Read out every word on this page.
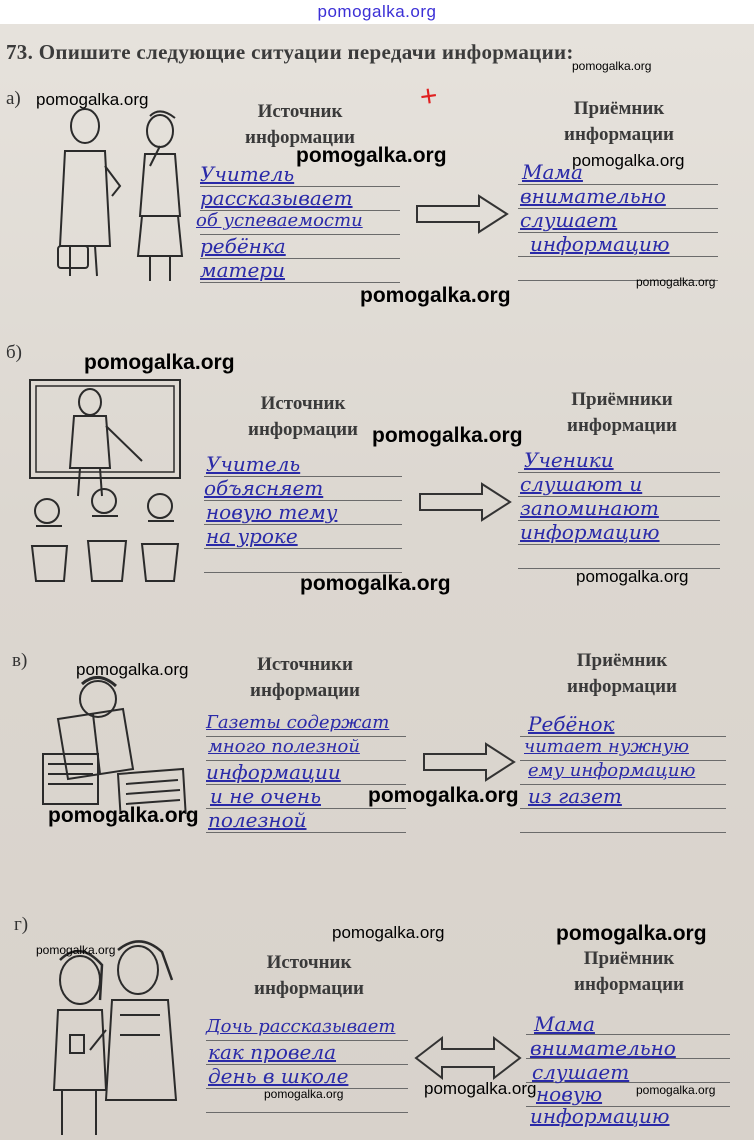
pomogalka.org
73. Опишите следующие ситуации передачи информации:
а)
Источник информации
Приёмник информации
+
Учитель
рассказывает
об успеваемости
ребёнка
матери
Мама
внимательно
слушает
информацию
б)
Источник информации
Приёмники информации
Учитель
объясняет
новую тему
на уроке
Ученики
слушают и
запоминают
информацию
в)	Источники информации
Приёмник информации
Газеты содержат
много полезной
информации
и не очень
полезной
Ребёнок
читает нужную
ему информацию
из газет
г)
Источник информации
Приёмник информации
Дочь рассказывает
как провела
день в школе
Мама
внимательно
слушает
новую
информацию
pomogalka.org
pomogalka.org
pomogalka.org	pomogalka.org
pomogalka.org
pomogalka.org
pomogalka.org
pomogalka.org
pomogalka.org	pomogalka.org
pomogalka.org
pomogalka.org
pomogalka.org
pomogalka.org	pomogalka.org
pomogalka.org
pomogalka.org	pomogalka.org
pomogalka.org
